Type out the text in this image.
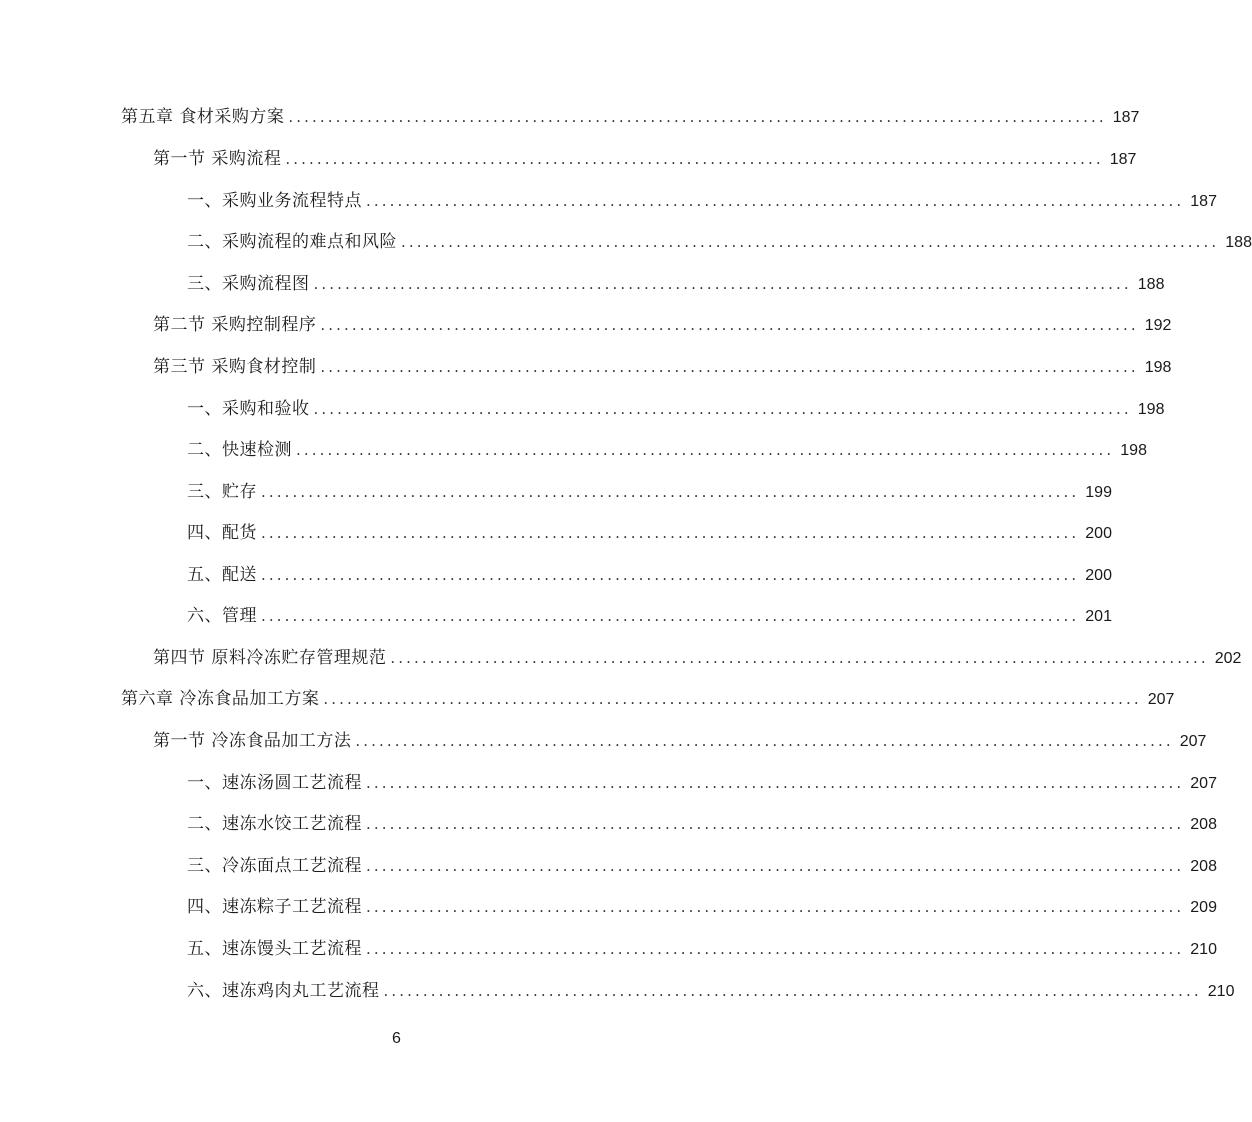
第五章 食材采购方案 ........................................................................................................ 187
第一节 采购流程 ........................................................................................................ 187
一、采购业务流程特点 ........................................................................................................ 187
二、采购流程的难点和风险 ........................................................................................................ 188
三、采购流程图 ........................................................................................................ 188
第二节 采购控制程序 ........................................................................................................ 192
第三节 采购食材控制 ........................................................................................................ 198
一、采购和验收 ........................................................................................................ 198
二、快速检测 ........................................................................................................ 198
三、贮存 ........................................................................................................ 199
四、配货 ........................................................................................................ 200
五、配送 ........................................................................................................ 200
六、管理 ........................................................................................................ 201
第四节 原料冷冻贮存管理规范 ........................................................................................................ 202
第六章 冷冻食品加工方案 ........................................................................................................ 207
第一节 冷冻食品加工方法 ........................................................................................................ 207
一、速冻汤圆工艺流程 ........................................................................................................ 207
二、速冻水饺工艺流程 ........................................................................................................ 208
三、冷冻面点工艺流程 ........................................................................................................ 208
四、速冻粽子工艺流程 ........................................................................................................ 209
五、速冻馒头工艺流程 ........................................................................................................ 210
六、速冻鸡肉丸工艺流程 ........................................................................................................ 210
6
